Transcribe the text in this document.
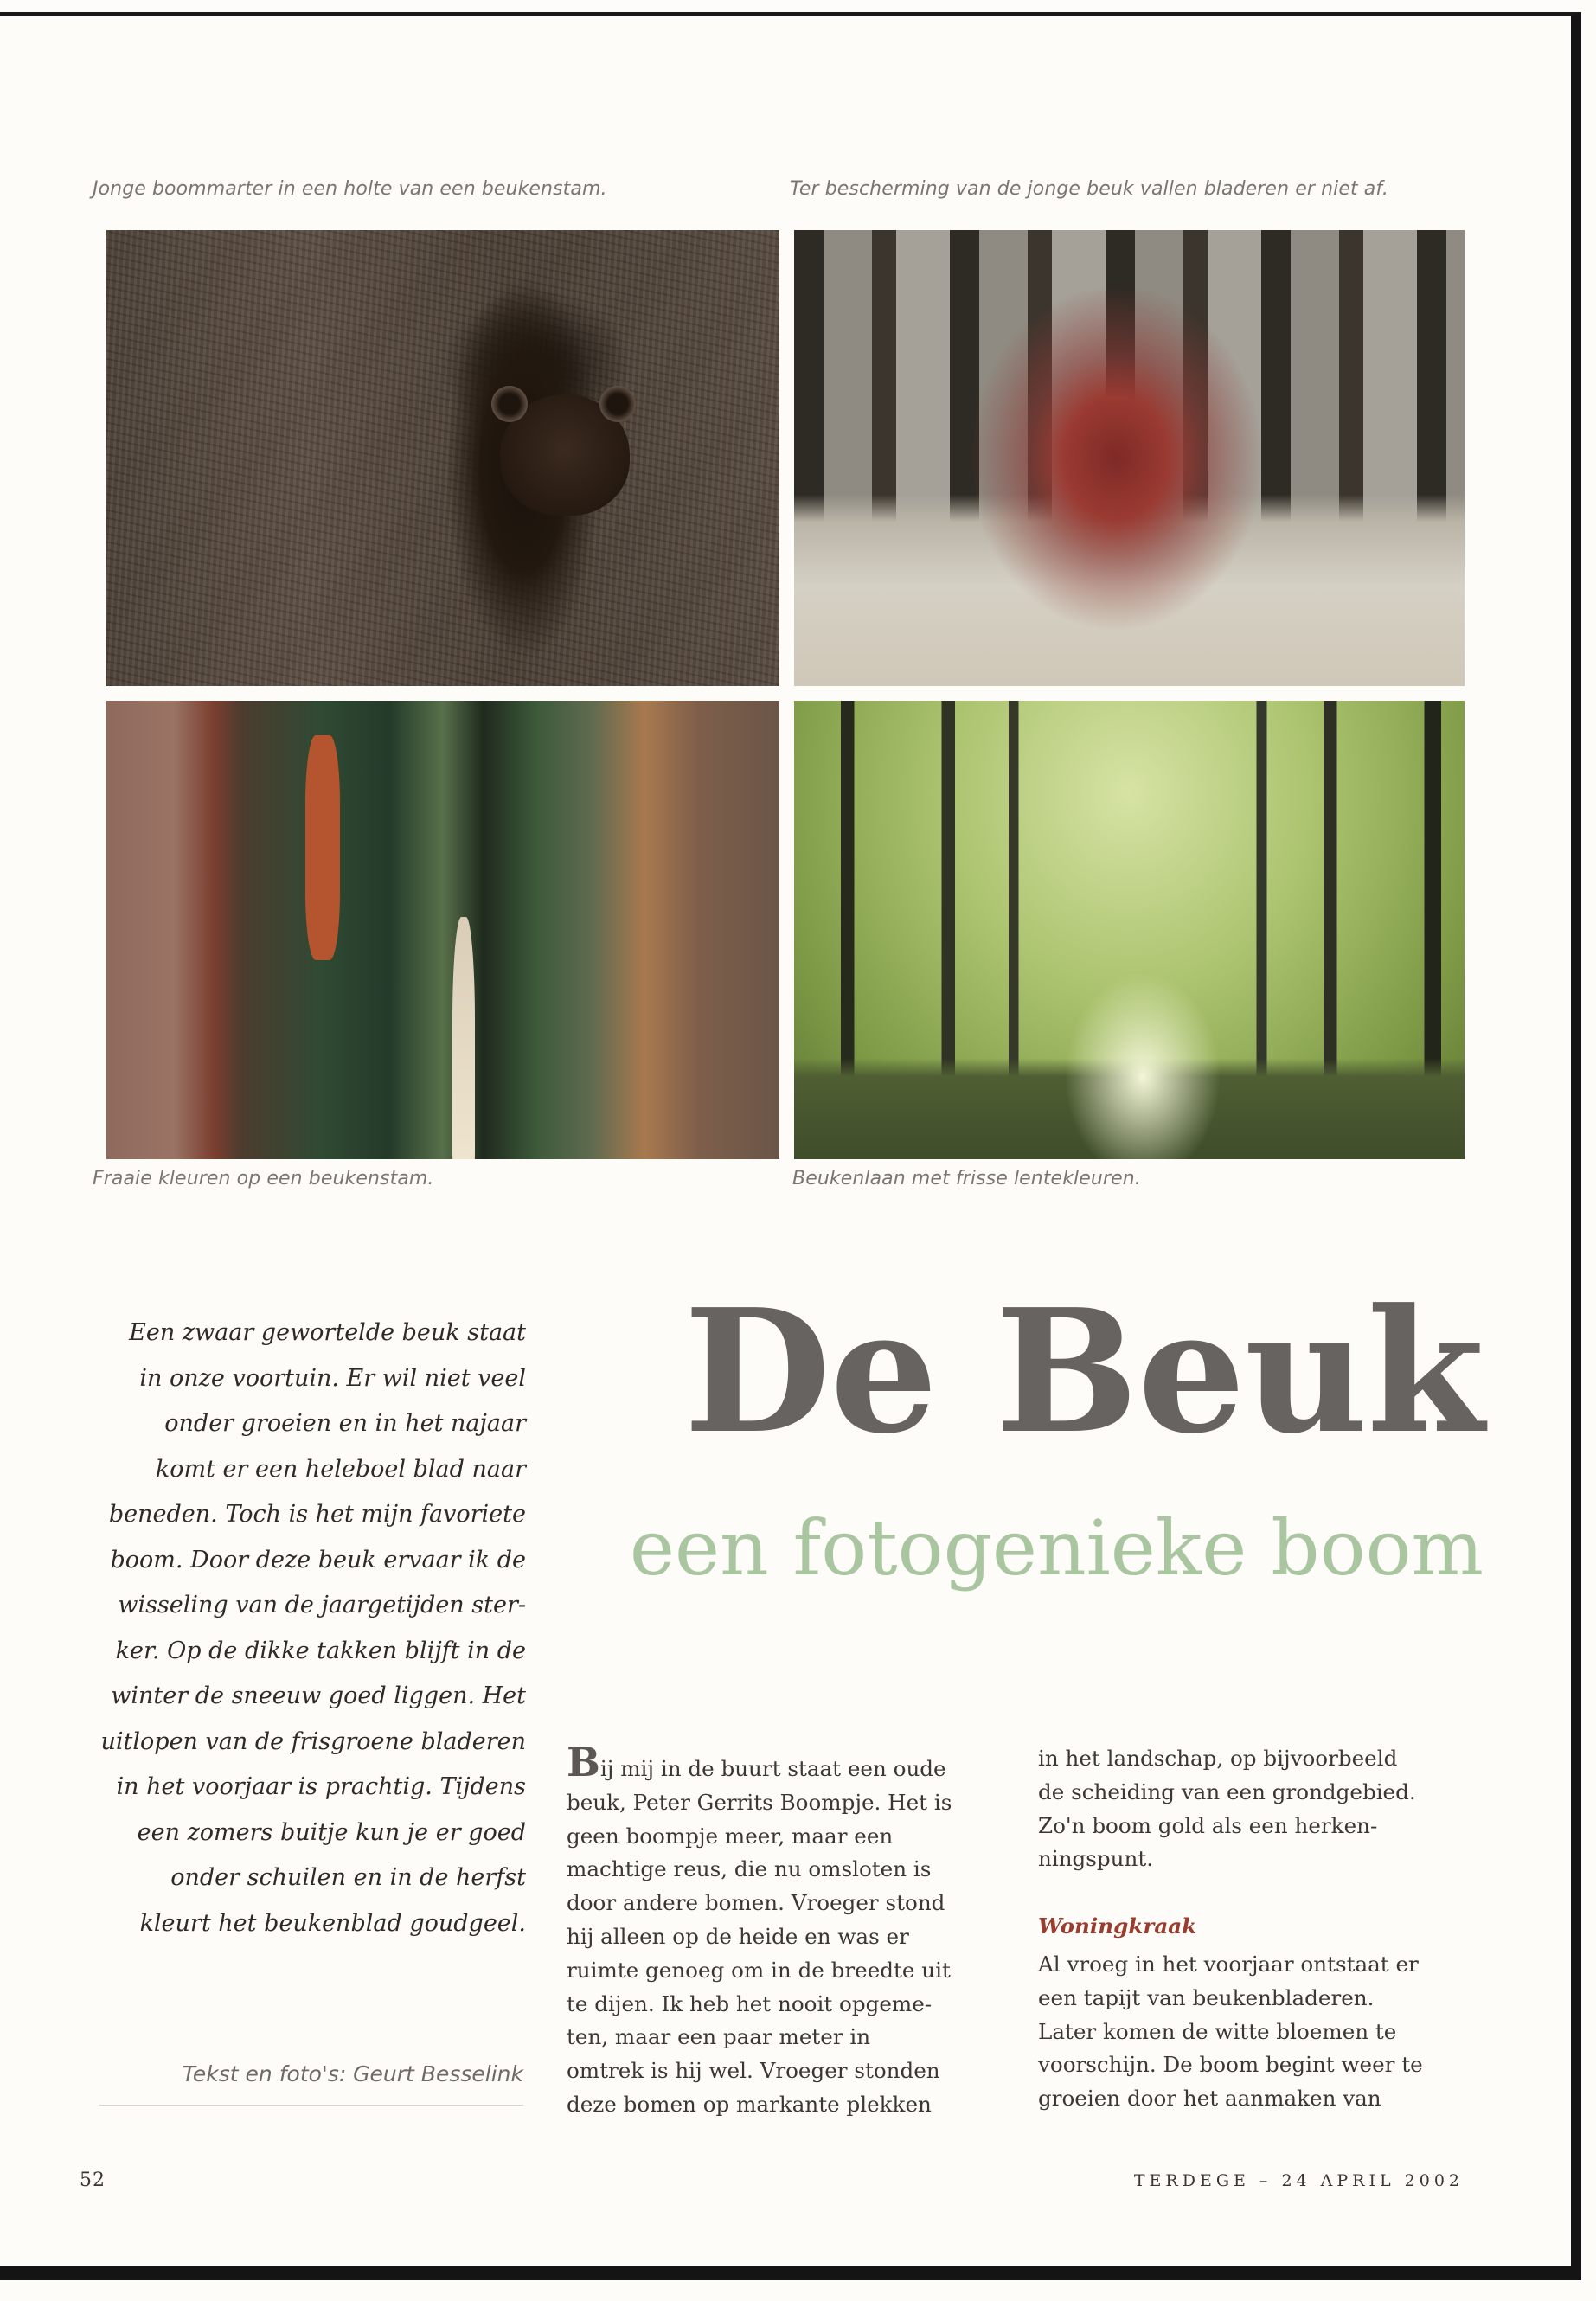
Jonge boommarter in een holte van een beukenstam.	Ter bescherming van de jonge beuk vallen bladeren er niet af.
Fraaie kleuren op een beukenstam.	Beukenlaan met frisse lentekleuren.
Een zwaar gewortelde beuk staat
in onze voortuin. Er wil niet veel
onder groeien en in het najaar
komt er een heleboel blad naar
beneden. Toch is het mijn favoriete
boom. Door deze beuk ervaar ik de
wisseling van de jaargetijden ster-
ker. Op de dikke takken blijft in de
winter de sneeuw goed liggen. Het
uitlopen van de frisgroene bladeren
in het voorjaar is prachtig. Tijdens
een zomers buitje kun je er goed
onder schuilen en in de herfst
kleurt het beukenblad goudgeel.
Tekst en foto's: Geurt Besselink
De Beuk
een fotogenieke boom
Bij mij in de buurt staat een oude
beuk, Peter Gerrits Boompje. Het is
geen boompje meer, maar een
machtige reus, die nu omsloten is
door andere bomen. Vroeger stond
hij alleen op de heide en was er
ruimte genoeg om in de breedte uit
te dijen. Ik heb het nooit opgeme-
ten, maar een paar meter in
omtrek is hij wel. Vroeger stonden
deze bomen op markante plekken
in het landschap, op bijvoorbeeld
de scheiding van een grondgebied.
Zo'n boom gold als een herken-
ningspunt.
Woningkraak
Al vroeg in het voorjaar ontstaat er
een tapijt van beukenbladeren.
Later komen de witte bloemen te
voorschijn. De boom begint weer te
groeien door het aanmaken van
52	TERDEGE – 24 APRIL 2002
